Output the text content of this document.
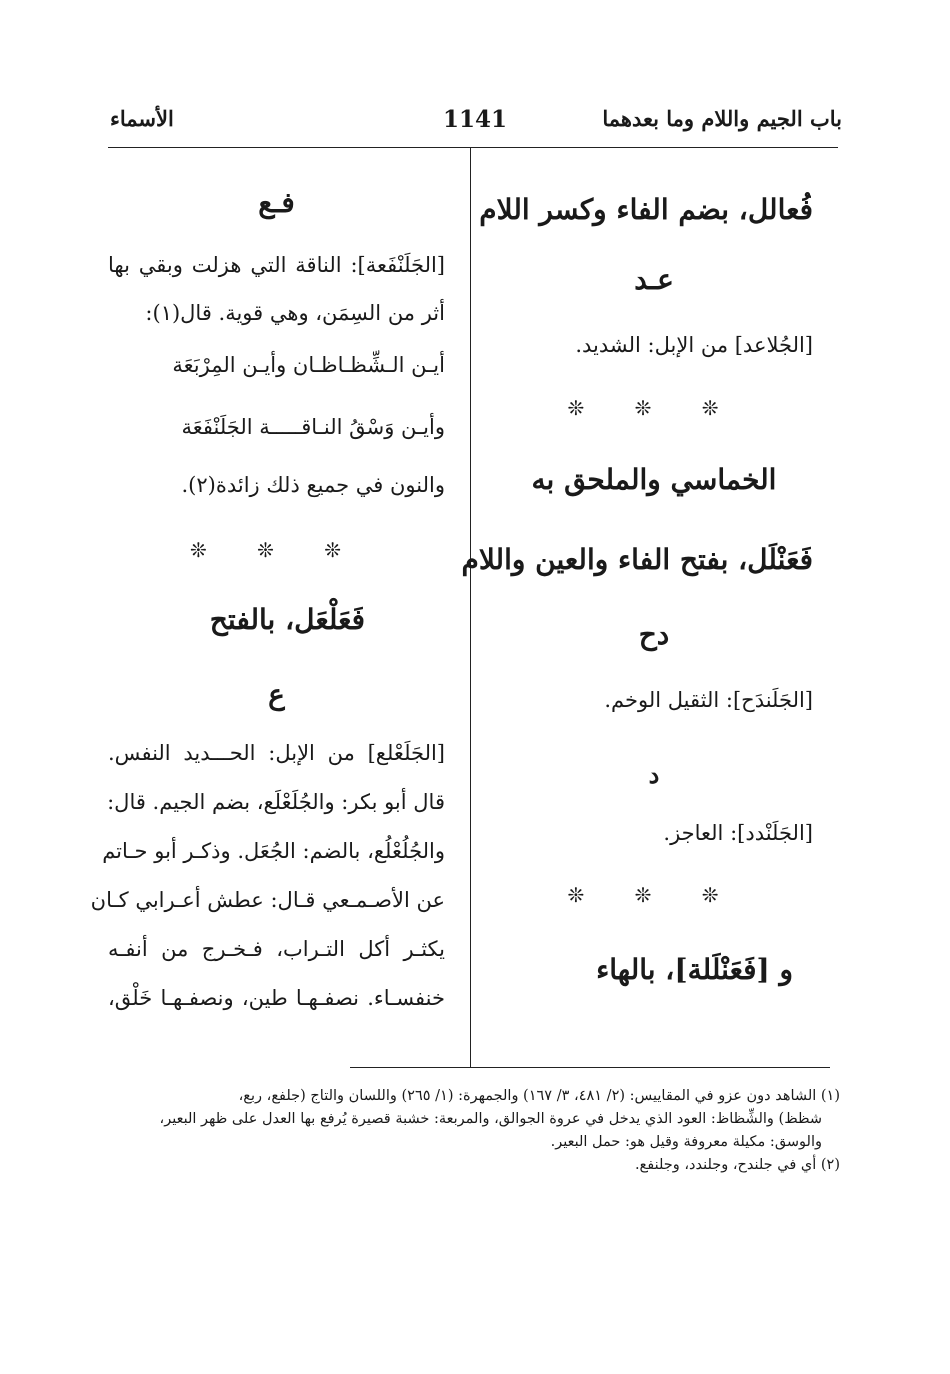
باب الجيم واللام وما بعدهما
1141
الأسماء
فُعالل، بضم الفاء وكسر اللام
عـد
[الجُلاعد] من الإبل: الشديد.
❊ ❊ ❊
الخماسي والملحق به
فَعَنْلَل، بفتح الفاء والعين واللام
دح
[الجَلَندَح]: الثقيل الوخم.
د
[الجَلَنْدد]: العاجز.
❊ ❊ ❊
و [فَعَنْلَلة]، بالهاء
فـع
[الجَلَنْفَعة]: الناقة التي هزلت وبقي بها
أثر من السِمَن، وهي قوية. قال(١):
أيـن الـشِّظـاظـان وأيـن المِرْبَعَة
وأيـن وَسْقُ النـاقـــــة الجَلَنْفَعَة
والنون في جميع ذلك زائدة(٢).
❊ ❊ ❊
فَعَلْعَل، بالفتح
ع
[الجَلَعْلع] من الإبل: الحـــديد النفس.
قال أبو بكر: والجُلَعْلَع، بضم الجيم. قال:
والجُلُعْلُع، بالضم: الجُعَل. وذكـر أبو حـاتم
عن الأصـمـعي قـال: عطش أعـرابي كـان
يكثـر أكل التـراب، فـخـرج من أنفـه
خنفسـاء. نصفـهـا طين، ونصفـهـا خَلْق،
(١) الشاهد دون عزو في المقاييس: (٢/ ٤٨١، ٣/ ١٦٧) والجمهرة: (١/ ٢٦٥) واللسان والتاج (جلفع، ربع،
شظظ) والشِّظاظ: العود الذي يدخل في عروة الجوالق، والمربعة: خشبة قصيرة يُرفع بها العدل على ظهر البعير،
والوسق: مكيلة معروفة وقيل هو: حمل البعير.
(٢) أي في جلندح، وجلندد، وجلنفع.
